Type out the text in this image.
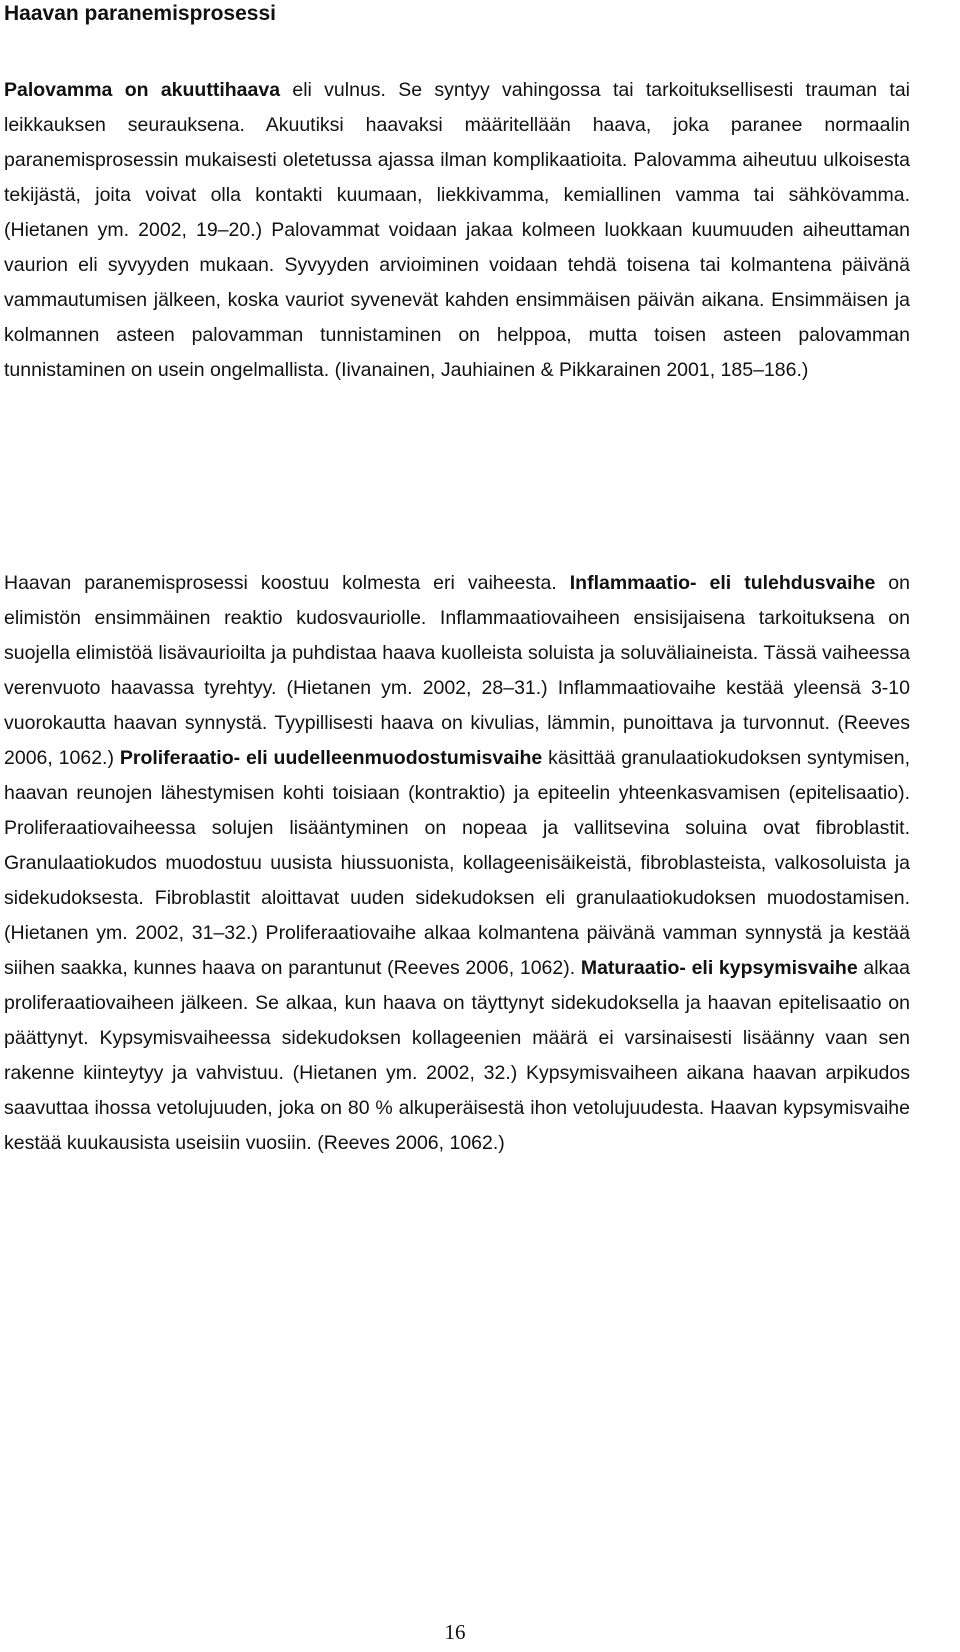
Haavan paranemisprosessi

Palovamma on akuuttihaava eli vulnus. Se syntyy vahingossa tai tarkoituksellisesti trauman tai leikkauksen seurauksena. Akuutiksi haavaksi määritellään haava, joka paranee normaalin paranemisprosessin mukaisesti oletetussa ajassa ilman komplikaatioita. Palovamma aiheutuu ulkoisesta tekijästä, joita voivat olla kontakti kuumaan, liekkivamma, kemiallinen vamma tai sähkövamma. (Hietanen ym. 2002, 19–20.) Palovammat voidaan jakaa kolmeen luokkaan kuumuuden aiheuttaman vaurion eli syvyyden mukaan. Syvyyden arvioiminen voidaan tehdä toisena tai kolmantena päivänä vammautumisen jälkeen, koska vauriot syvenevät kahden ensimmäisen päivän aikana. Ensimmäisen ja kolmannen asteen palovamman tunnistaminen on helppoa, mutta toisen asteen palovamman tunnistaminen on usein ongelmallista. (Iivanainen, Jauhiainen & Pikkarainen 2001, 185–186.)

Haavan paranemisprosessi koostuu kolmesta eri vaiheesta. Inflammaatio- eli tulehdusvaihe on elimistön ensimmäinen reaktio kudosvauriolle. Inflammaatiovaiheen ensisijaisena tarkoituksena on suojella elimistöä lisävaurioilta ja puhdistaa haava kuolleista soluista ja soluväliaineista. Tässä vaiheessa verenvuoto haavassa tyrehtyy. (Hietanen ym. 2002, 28–31.) Inflammaatiovaihe kestää yleensä 3-10 vuorokautta haavan synnystä. Tyypillisesti haava on kivulias, lämmin, punoittava ja turvonnut. (Reeves 2006, 1062.) Proliferaatio- eli uudelleenmuodostumisvaihe käsittää granulaatiokudoksen syntymisen, haavan reunojen lähestymisen kohti toisiaan (kontraktio) ja epiteelin yhteenkasvamisen (epitelisaatio). Proliferaatiovaiheessa solujen lisääntyminen on nopeaa ja vallitsevina soluina ovat fibroblastit. Granulaatiokudos muodostuu uusista hiussuonista, kollageenisäikeistä, fibroblasteista, valkosoluista ja sidekudoksesta. Fibroblastit aloittavat uuden sidekudoksen eli granulaatiokudoksen muodostamisen. (Hietanen ym. 2002, 31–32.) Proliferaatiovaihe alkaa kolmantena päivänä vamman synnystä ja kestää siihen saakka, kunnes haava on parantunut (Reeves 2006, 1062). Maturaatio- eli kypsymisvaihe alkaa proliferaatiovaiheen jälkeen. Se alkaa, kun haava on täyttynyt sidekudoksella ja haavan epitelisaatio on päättynyt. Kypsymisvaiheessa sidekudoksen kollageenien määrä ei varsinaisesti lisäänny vaan sen rakenne kiinteytyy ja vahvistuu. (Hietanen ym. 2002, 32.) Kypsymisvaiheen aikana haavan arpikudos saavuttaa ihossa vetolujuuden, joka on 80 % alkuperäisestä ihon vetolujuudesta. Haavan kypsymisvaihe kestää kuukausista useisiin vuosiin. (Reeves 2006, 1062.)

16
